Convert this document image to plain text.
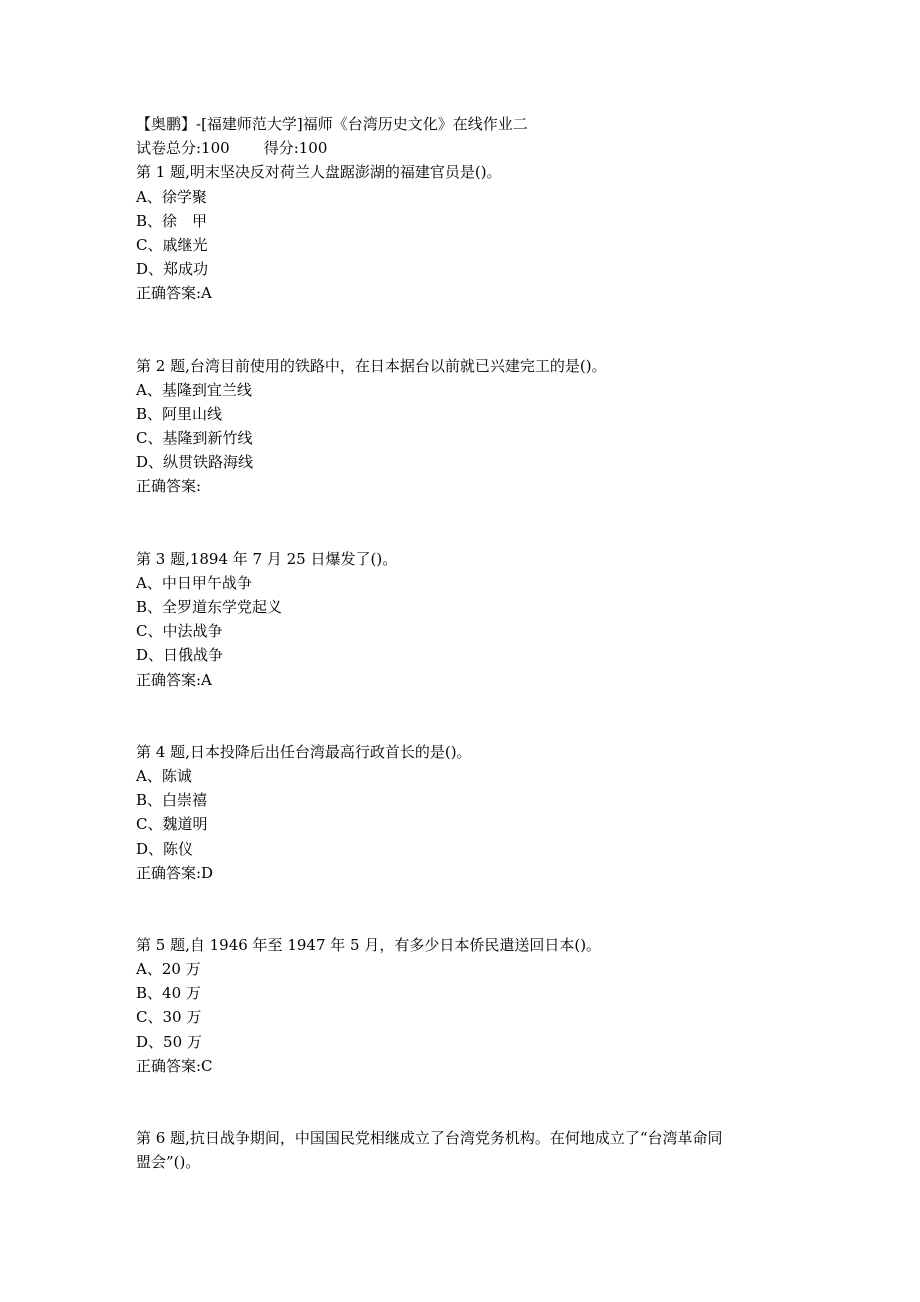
【奥鹏】-[福建师范大学]福师《台湾历史文化》在线作业二
试卷总分:100 得分:100
第 1 题,明末坚决反对荷兰人盘踞澎湖的福建官员是()。
A、徐学聚
B、徐　甲
C、戚继光
D、郑成功
正确答案:A
第 2 题,台湾目前使用的铁路中，在日本据台以前就已兴建完工的是()。
A、基隆到宜兰线
B、阿里山线
C、基隆到新竹线
D、纵贯铁路海线
正确答案:
第 3 题,1894 年 7 月 25 日爆发了()。
A、中日甲午战争
B、全罗道东学党起义
C、中法战争
D、日俄战争
正确答案:A
第 4 题,日本投降后出任台湾最高行政首长的是()。
A、陈诚
B、白崇禧
C、魏道明
D、陈仪
正确答案:D
第 5 题,自 1946 年至 1947 年 5 月，有多少日本侨民遣送回日本()。
A、20 万
B、40 万
C、30 万
D、50 万
正确答案:C
第 6 题,抗日战争期间，中国国民党相继成立了台湾党务机构。在何地成立了“台湾革命同
盟会”()。
